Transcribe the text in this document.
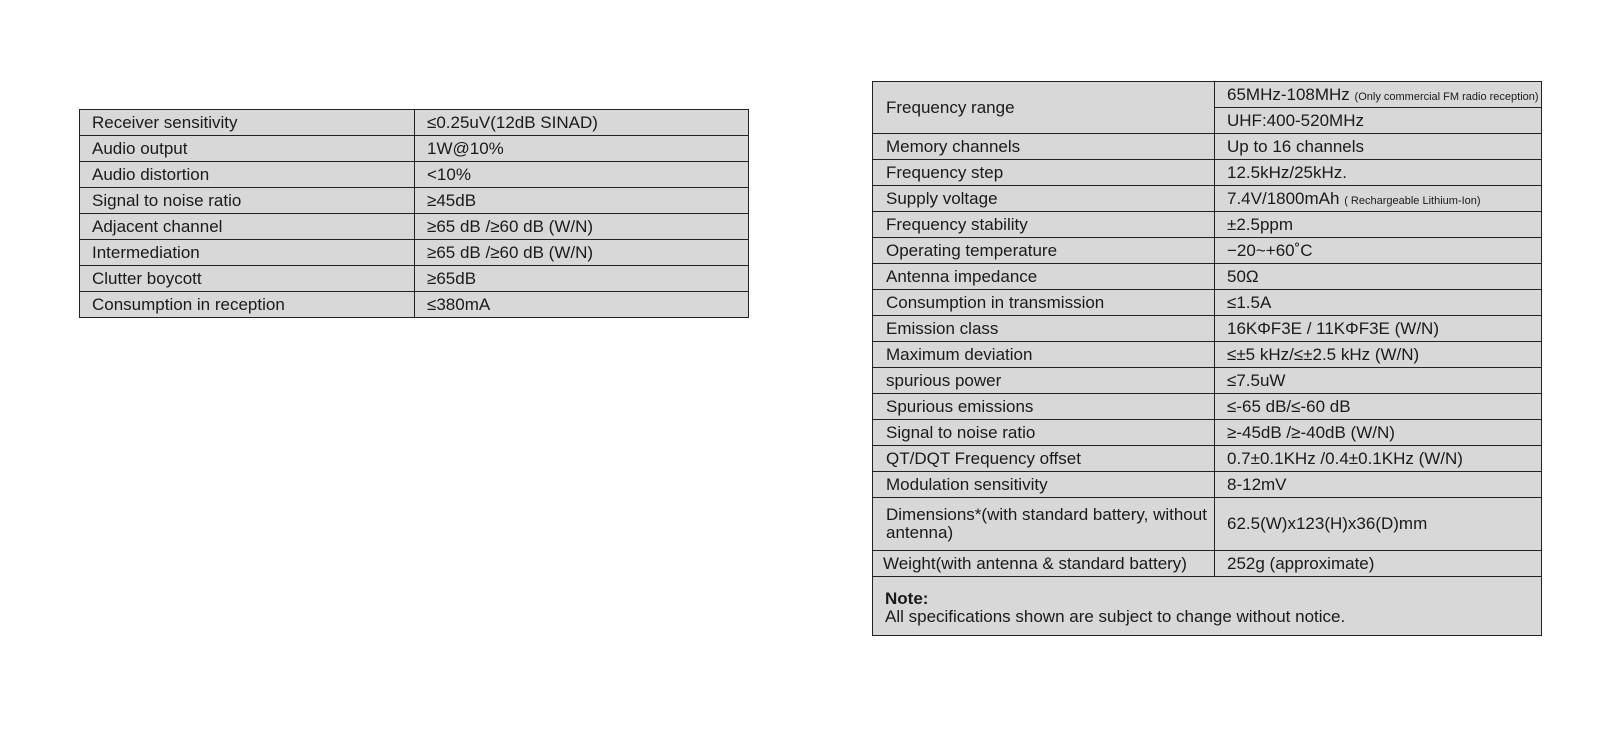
Receiver sensitivity	≤0.25uV(12dB SINAD)
Audio output	1W@10%
Audio distortion	<10%
Signal to noise ratio	≥45dB
Adjacent channel	≥65 dB /≥60 dB (W/N)
Intermediation	≥65 dB /≥60 dB (W/N)
Clutter boycott	≥65dB
Consumption in reception	≤380mA
Frequency range	65MHz-108MHz (Only commercial FM radio reception)
	UHF:400-520MHz
Memory channels	Up to 16 channels
Frequency step	12.5kHz/25kHz.
Supply voltage	7.4V/1800mAh ( Rechargeable Lithium-Ion)
Frequency stability	±2.5ppm
Operating temperature	−20~+60˚C
Antenna impedance	50Ω
Consumption in transmission	≤1.5A
Emission class	16KΦF3E / 11KΦF3E (W/N)
Maximum deviation	≤±5 kHz/≤±2.5 kHz (W/N)
spurious power	≤7.5uW
Spurious emissions	≤-65 dB/≤-60 dB
Signal to noise ratio	≥-45dB /≥-40dB (W/N)
QT/DQT Frequency offset	0.7±0.1KHz /0.4±0.1KHz (W/N)
Modulation sensitivity	8-12mV
Dimensions*(with standard battery, without antenna)	62.5(W)x123(H)x36(D)mm
Weight(with antenna & standard battery)	252g (approximate)

Note:
All specifications shown are subject to change without notice.	
